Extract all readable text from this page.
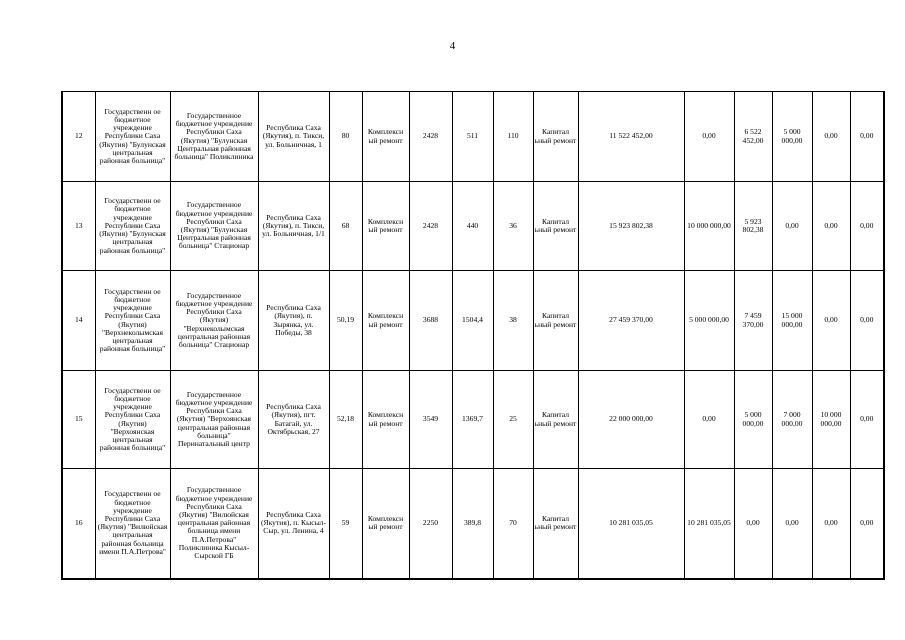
4
12	Государственн ое бюджетное учреждение Республики Саха (Якутия) "Булунская центральная районная больница"	Государственное бюджетное учреждение Республики Саха (Якутия) "Булунская Центральная районная больница" Поликлиника	Республика Саха (Якутия), п. Тикси, ул. Больничная, 1	80	Комплексн ый ремонт	2428	511	110	Капитал ьный ремонт	11 522 452,00	0,00	6 522 452,00	5 000 000,00	0,00	0,00
13	Государственн ое бюджетное учреждение Республики Саха (Якутия) "Булунская центральная районная больница"	Государственное бюджетное учреждение Республики Саха (Якутия) "Булунская Центральная районная больница" Стационар	Республика Саха (Якутия), п. Тикси, ул. Больничная, 1/1	68	Комплексн ый ремонт	2428	440	36	Капитал ьный ремонт	15 923 802,38	10 000 000,00	5 923 802,38	0,00	0,00	0,00
14	Государственн ое бюджетное учреждение Республики Саха (Якутия) "Верхнеколымская центральная районная больница"	Государственное бюджетное учреждение Республики Саха (Якутия) "Верхнеколымская центральная районная больница" Стационар	Республика Саха (Якутия), п. Зырянка, ул. Победы, 38	50,19	Комплексн ый ремонт	3688	1504,4	38	Капитал ьный ремонт	27 459 370,00	5 000 000,00	7 459 370,00	15 000 000,00	0,00	0,00
15	Государственн ое бюджетное учреждение Республики Саха (Якутия) "Верхоянская центральная районная больница"	Государственное бюджетное учреждение Республики Саха (Якутия) "Верхоянская центральная районная больница" Перинатальный центр	Республика Саха (Якутия), пгт. Батагай, ул. Октябрьская, 27	52,18	Комплексн ый ремонт	3549	1369,7	25	Капитал ьный ремонт	22 000 000,00	0,00	5 000 000,00	7 000 000,00	10 000 000,00	0,00
16	Государственн ое бюджетное учреждение Республики Саха (Якутия) "Вилюйская центральная районная больница имени П.А.Петрова"	Государственное бюджетное учреждение Республики Саха (Якутия) "Вилюйская центральная районная больница имени П.А.Петрова" Поликлиника Кысыл-Сырской ГБ	Республика Саха (Якутия), п. Кысыл-Сыр, ул. Ленина, 4	59	Комплексн ый ремонт	2250	389,8	70	Капитал ьный ремонт	10 281 035,05	10 281 035,05	0,00	0,00	0,00	0,00
